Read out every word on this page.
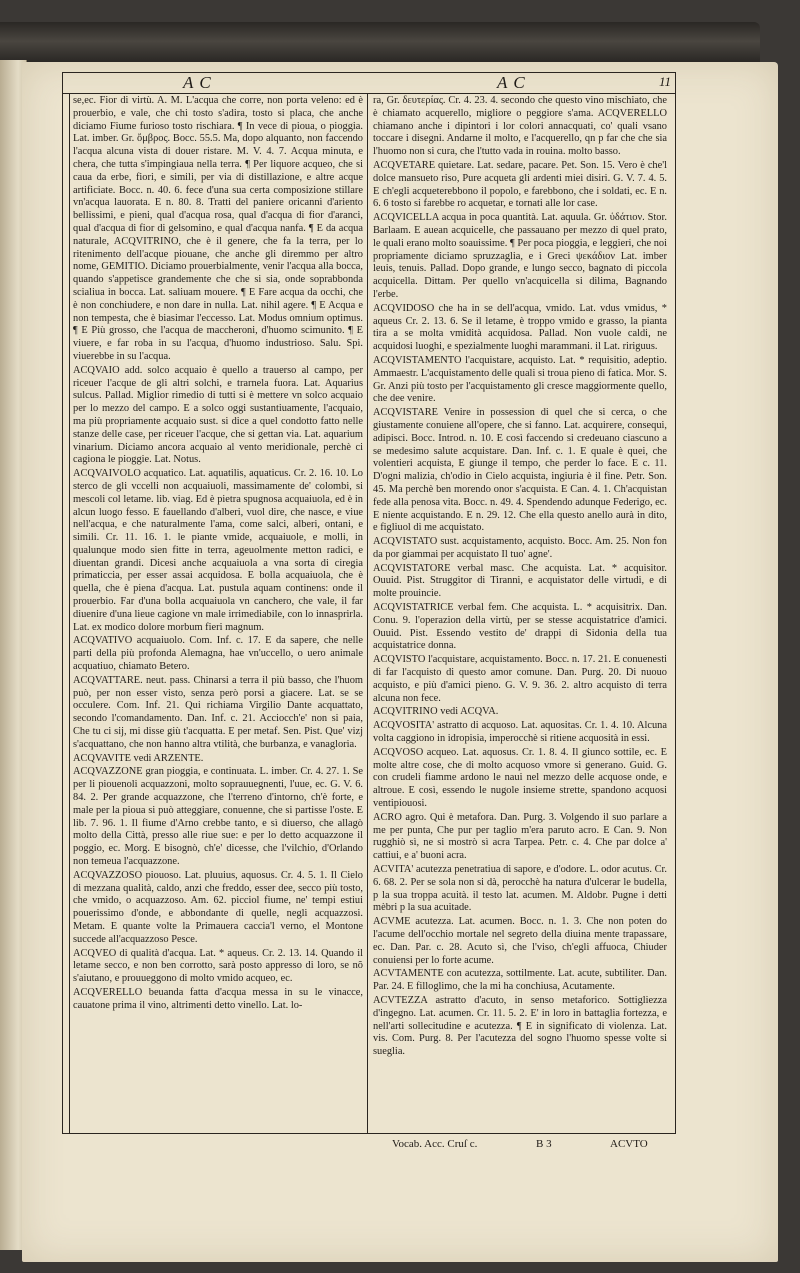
AC	AC	11

se,ec. Fior di virtù. A. M. L'acqua che corre, non porta veleno: ed è prouerbio, e vale, che chi tosto s'adira, tosto si placa, che anche diciamo Fiume furioso tosto rischiara. ¶ In vece di pioua, o pioggia. Lat. imber. Gr. ὄμβρος. Bocc. 55.5. Ma, dopo alquanto, non faccendo l'acqua alcuna vista di douer ristare. M. V. 4. 7. Acqua minuta, e chera, che tutta s'impingiaua nella terra. ¶ Per liquore acqueo, che si caua da erbe, fiori, e simili, per via di distillazione, e altre acque artificiate. Bocc. n. 40. 6. fece d'una sua certa composizione stillare vn'acqua lauorata. E n. 80. 8. Tratti del paniere oricanni d'ariento bellissimi, e pieni, qual d'acqua rosa, qual d'acqua di fior d'aranci, qual d'acqua di fior di gelsomino, e qual d'acqua nanfa. ¶ E da acqua naturale, ACQVITRINO, che è il genere, che fa la terra, per lo ritenimento dell'acque piouane, che anche gli diremmo per altro nome, GEMITIO. Diciamo prouerbialmente, venir l'acqua alla bocca, quando s'appetisce grandemente che che si sia, onde soprabbonda scialiua in bocca. Lat. saliuam mouere. ¶ E Fare acqua da occhi, che è non conchiudere, e non dare in nulla. Lat. nihil agere. ¶ E Acqua e non tempesta, che è biasimar l'eccesso. Lat. Modus omnium optimus. ¶ E Più grosso, che l'acqua de maccheroni, d'huomo scimunito. ¶ E viuere, e far roba in su l'acqua, d'huomo industrioso. Salu. Spi. viuerebbe in su l'acqua.

ACQVAIO add. solco acquaio è quello a trauerso al campo, per riceuer l'acque de gli altri solchi, e trarnela fuora. Lat. Aquarius sulcus. Pallad. Miglior rimedio di tutti si è mettere vn solco acquaio per lo mezzo del campo. E a solco oggi sustantiuamente, l'acquaio, ma più propriamente acquaio sust. si dice a quel condotto fatto nelle stanze delle case, per riceuer l'acque, che si gettan via. Lat. aquarium vinarium. Diciamo ancora acquaio al vento meridionale, perchè ci cagiona le pioggie. Lat. Notus.

ACQVAIVOLO acquatico. Lat. aquatilis, aquaticus. Cr. 2. 16. 10. Lo sterco de gli vccelli non acquaiuoli, massimamente de' colombi, si mescoli col letame. lib. viag. Ed è pietra spugnosa acquaiuola, ed è in alcun luogo fesso. E fauellando d'alberi, vuol dire, che nasce, e viue nell'acqua, e che naturalmente l'ama, come salci, alberi, ontani, e simili. Cr. 11. 16. 1. le piante vmide, acquaiuole, e molli, in qualunque modo sien fitte in terra, ageuolmente metton radici, e diuentan grandi. Dicesi anche acquaiuola a vna sorta di ciregia primaticcia, per esser assai acquidosa. E bolla acquaiuola, che è quella, che è piena d'acqua. Lat. pustula aquam continens: onde il prouerbio. Far d'una bolla acquaiuola vn canchero, che vale, il far diuenire d'una lieue cagione vn male irrimediabile, con lo innasprirla. Lat. ex modico dolore morbum fieri magnum.

ACQVATIVO acquaiuolo. Com. Inf. c. 17. E da sapere, che nelle parti della più profonda Alemagna, hae vn'uccello, o uero animale acquatiuo, chiamato Betero.

ACQVATTARE. neut. pass. Chinarsi a terra il più basso, che l'huom può, per non esser visto, senza però porsi a giacere. Lat. se se occulere. Com. Inf. 21. Qui richiama Virgilio Dante acquattato, secondo l'comandamento. Dan. Inf. c. 21. Acciocch'e' non si paia, Che tu ci sij, mi disse giù t'acquatta. E per metaf. Sen. Pist. Que' vizj s'acquattano, che non hanno altra vtilità, che burbanza, e vanagloria.

ACQVAVITE vedi ARZENTE.

ACQVAZZONE gran pioggia, e continuata. L. imber. Cr. 4. 27. 1. Se per li piouenoli acquazzoni, molto soprauuegnenti, l'uue, ec. G. V. 6. 84. 2. Per grande acquazzone, che l'terreno d'intorno, ch'è forte, e male per la pioua si può atteggiare, conuenne, che si partisse l'oste. E lib. 7. 96. 1. Il fiume d'Arno crebbe tanto, e sì diuerso, che allagò molto della Città, presso alle riue sue: e per lo detto acquazzone il poggio, ec. Morg. E bisognò, ch'e' dicesse, che l'vilchio, d'Orlando non temeua l'acquazzone.

ACQVAZZOSO piouoso. Lat. pluuius, aquosus. Cr. 4. 5. 1. Il Cielo di mezzana qualità, caldo, anzi che freddo, esser dee, secco più tosto, che vmido, o acquazzoso. Am. 62. picciol fiume, ne' tempi estiui pouerissimo d'onde, e abbondante di quelle, negli acquazzosi. Metam. E quante volte la Primauera caccia'l verno, el Montone succede all'acquazzoso Pesce.

ACQVEO di qualità d'acqua. Lat. * aqueus. Cr. 2. 13. 14. Quando il letame secco, e non ben corrotto, sarà posto appresso di loro, se nõ s'aiutano, e prouueggono di molto vmido acqueo, ec.

ACQVERELLO beuanda fatta d'acqua messa in su le vinacce, cauatone prima il vino, altrimenti detto vinello. Lat. lo-

ra, Gr. δευτερίας. Cr. 4. 23. 4. secondo che questo vino mischiato, che è chiamato acquerello, migliore o peggiore s'ama. ACQVERELLO chiamano anche i dipintori i lor colori annacquati, co' quali vsano toccare i disegni. Andarne il molto, e l'acquerello, qn p far che che sia l'huomo non si cura, che l'tutto vada in rouina. molto basso.

ACQVETARE quietare. Lat. sedare, pacare. Pet. Son. 15. Vero è che'l dolce mansueto riso, Pure acqueta gli ardenti miei disiri. G. V. 7. 4. 5. E ch'egli acqueterebbono il popolo, e farebbono, che i soldati, ec. E n. 6. 6 tosto si farebbe ro acquetar, e tornati alle lor case.

ACQVICELLA acqua in poca quantità. Lat. aquula. Gr. ὑδάτιον. Stor. Barlaam. E auean acquicelle, che passauano per mezzo di quel prato, le quali erano molto soauissime. ¶ Per poca pioggia, e leggieri, che noi propriamente diciamo spruzzaglia, e i Greci ψεκάδιον Lat. imber leuis, tenuis. Pallad. Dopo grande, e lungo secco, bagnato di piccola acquicella. Dittam. Per quello vn'acquicella si dilima, Bagnando l'erbe.

ACQVIDOSO che ha in se dell'acqua, vmido. Lat. vdus vmidus, * aqueus Cr. 2. 13. 6. Se il letame, è troppo vmido e grasso, la pianta tira a se molta vmidità acquidosa. Pallad. Non vuole caldi, ne acquidosi luoghi, e spezialmente luoghi marammani. il Lat. ririguus.

ACQVISTAMENTO l'acquistare, acquisto. Lat. * requisitio, adeptio. Ammaestr. L'acquistamento delle quali si troua pieno di fatica. Mor. S. Gr. Anzi più tosto per l'acquistamento gli cresce maggiormente quello, che dee venire.

ACQVISTARE Venire in possession di quel che si cerca, o che giustamente conuiene all'opere, che si fanno. Lat. acquirere, consequi, adipisci. Bocc. Introd. n. 10. E così faccendo si credeuano ciascuno a se medesimo salute acquistare. Dan. Inf. c. 1. E quale è quei, che volentieri acquista, E giunge il tempo, che perder lo face. E c. 11. D'ogni malizia, ch'odio in Cielo acquista, ingiuria è il fine. Petr. Son. 45. Ma perchè ben morendo onor s'acquista. E Can. 4. 1. Ch'acquistan fede alla penosa vita. Bocc. n. 49. 4. Spendendo adunque Federigo, ec. E niente acquistando. E n. 29. 12. Che ella questo anello aurà in dito, e figliuol di me acquistato.

ACQVISTATO sust. acquistamento, acquisto. Bocc. Am. 25. Non fon da por giammai per acquistato Il tuo' agne'.

ACQVISTATORE verbal masc. Che acquista. Lat. * acquisitor. Ouuid. Pist. Struggitor di Tiranni, e acquistator delle virtudi, e di molte prouincie.

ACQVISTATRICE verbal fem. Che acquista. L. * acquisitrix. Dan. Conu. 9. l'operazion della virtù, per se stesse acquistatrice d'amici. Ouuid. Pist. Essendo vestito de' drappi di Sidonia della tua acquistatrice donna.

ACQVISTO l'acquistare, acquistamento. Bocc. n. 17. 21. E conuenesti di far l'acquisto di questo amor comune. Dan. Purg. 20. Di nuouo acquisto, e più d'amici pieno. G. V. 9. 36. 2. altro acquisto di terra alcuna non fece.

ACQVITRINO vedi ACQVA.

ACQVOSITA' astratto di acquoso. Lat. aquositas. Cr. 1. 4. 10. Alcuna volta caggiono in idropisia, imperocchè si ritiene acquosità in essi.

ACQVOSO acqueo. Lat. aquosus. Cr. 1. 8. 4. Il giunco sottile, ec. E molte altre cose, che di molto acquoso vmore si generano. Guid. G. con crudeli fiamme ardono le naui nel mezzo delle acquose onde, e altroue. E così, essendo le nugole insieme strette, spandono acquosi ventipiouosi.

ACRO agro. Qui è metafora. Dan. Purg. 3. Volgendo il suo parlare a me per punta, Che pur per taglio m'era paruto acro. E Can. 9. Non rugghiò sì, ne si mostrò sì acra Tarpea. Petr. c. 4. Che par dolce a' cattiui, e a' buoni acra.

ACVITA' acutezza penetratiua di sapore, e d'odore. L. odor acutus. Cr. 6. 68. 2. Per se sola non si dà, perocchè ha natura d'ulcerar le budella, p la sua troppa acuità. il testo lat. acumen. M. Aldobr. Pugne i detti mèbri p la sua acuitade.

ACVME acutezza. Lat. acumen. Bocc. n. 1. 3. Che non poten do l'acume dell'occhio mortale nel segreto della diuina mente trapassare, ec. Dan. Par. c. 28. Acuto sì, che l'viso, ch'egli affuoca, Chiuder conuiensi per lo forte acume.

ACVTAMENTE con acutezza, sottilmente. Lat. acute, subtiliter. Dan. Par. 24. E filloglimo, che la mi ha conchiusa, Acutamente.

ACVTEZZA astratto d'acuto, in senso metaforico. Sottigliezza d'ingegno. Lat. acumen. Cr. 11. 5. 2. E' in loro in battaglia fortezza, e nell'arti sollecitudine e acutezza. ¶ E in significato di violenza. Lat. vis. Com. Purg. 8. Per l'acutezza del sogno l'huomo spesse volte si sueglia.

Vocab. Acc. Cruſ c.	B 3	ACVTO
